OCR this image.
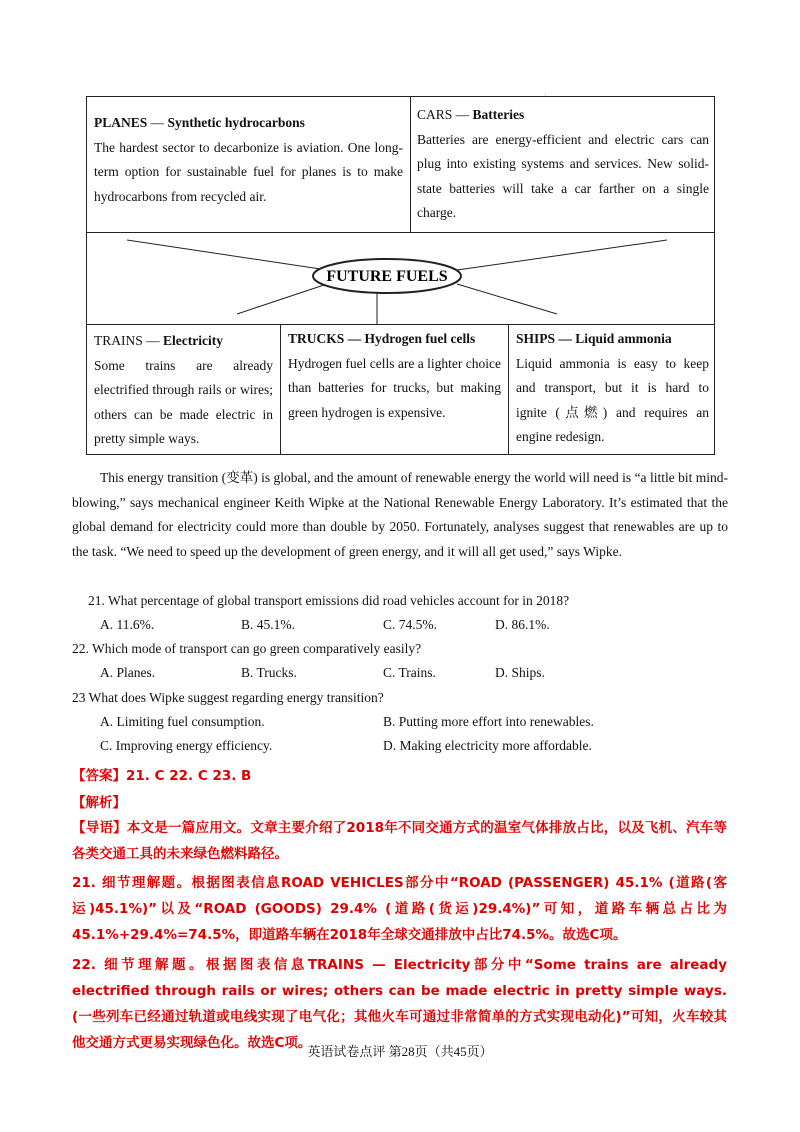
ˌ
PLANES — Synthetic hydrocarbons
The hardest sector to decarbonize is aviation. One long-term option for sustainable fuel for planes is to make hydrocarbons from recycled air.
CARS — Batteries
Batteries are energy-efficient and electric cars can plug into existing systems and services. New solid-state batteries will take a car farther on a single charge.
FUTURE FUELS
TRAINS — Electricity
Some trains are already electrified through rails or wires; others can be made electric in pretty simple ways.
TRUCKS — Hydrogen fuel cells
Hydrogen fuel cells are a lighter choice than batteries for trucks, but making green hydrogen is expensive.
SHIPS — Liquid ammonia
Liquid ammonia is easy to keep and transport, but it is hard to ignite (点燃) and requires an engine redesign.
This energy transition (变革) is global, and the amount of renewable energy the world will need is “a little bit mind-blowing,” says mechanical engineer Keith Wipke at the National Renewable Energy Laboratory. It’s estimated that the global demand for electricity could more than double by 2050. Fortunately, analyses suggest that renewables are up to the task. “We need to speed up the development of green energy, and it will all get used,” says Wipke.
21. What percentage of global transport emissions did road vehicles account for in 2018?
A. 11.6%.	B. 45.1%.	C. 74.5%.	D. 86.1%.
22. Which mode of transport can go green comparatively easily?
A. Planes.	B. Trucks.	C. Trains.	D. Ships.
23 What does Wipke suggest regarding energy transition?
A. Limiting fuel consumption.	B. Putting more effort into renewables.
C. Improving energy efficiency.	D. Making electricity more affordable.
【答案】21. C 22. C 23. B
【解析】
【导语】本文是一篇应用文。文章主要介绍了2018年不同交通方式的温室气体排放占比，以及飞机、汽车等各类交通工具的未来绿色燃料路径。
21. 细节理解题。根据图表信息ROAD VEHICLES部分中“ROAD (PASSENGER) 45.1% (道路(客运)45.1%)”以及“ROAD (GOODS) 29.4% (道路(货运)29.4%)”可知，道路车辆总占比为45.1%+29.4%=74.5%，即道路车辆在2018年全球交通排放中占比74.5%。故选C项。
22. 细节理解题。根据图表信息TRAINS — Electricity部分中“Some trains are already electrified through rails or wires; others can be made electric in pretty simple ways. (一些列车已经通过轨道或电线实现了电气化；其他火车可通过非常简单的方式实现电动化)”可知，火车较其他交通方式更易实现绿色化。故选C项。
英语试卷点评 第28页（共45页）
